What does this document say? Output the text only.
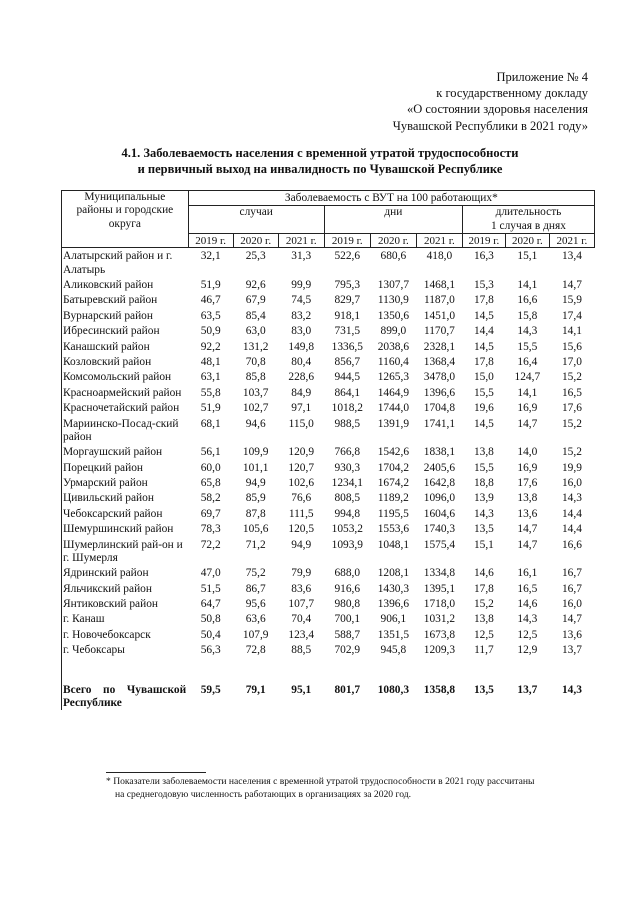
Приложение № 4
к государственному докладу
«О состоянии здоровья населения
Чувашской Республики в 2021 году»
4.1. Заболеваемость населения с временной утратой трудоспособности
и первичный выход на инвалидность по Чувашской Республике
Муниципальные
районы и городские
округа	Заболеваемость с ВУТ на 100 работающих*								
	случаи			дни			длительность
1 случая в днях		

	2019 г.	2020 г.	2021 г.	2019 г.	2020 г.	2021 г.	2019 г.	2020 г.	2021 г.
Алатырский район и г. Алатырь	32,1	25,3	31,3	522,6	680,6	418,0	16,3	15,1	13,4
Аликовский район	51,9	92,6	99,9	795,3	1307,7	1468,1	15,3	14,1	14,7
Батыревский район	46,7	67,9	74,5	829,7	1130,9	1187,0	17,8	16,6	15,9
Вурнарский район	63,5	85,4	83,2	918,1	1350,6	1451,0	14,5	15,8	17,4
Ибресинский район	50,9	63,0	83,0	731,5	899,0	1170,7	14,4	14,3	14,1
Канашский район	92,2	131,2	149,8	1336,5	2038,6	2328,1	14,5	15,5	15,6
Козловский район	48,1	70,8	80,4	856,7	1160,4	1368,4	17,8	16,4	17,0
Комсомольский район	63,1	85,8	228,6	944,5	1265,3	3478,0	15,0	124,7	15,2
Красноармейский район	55,8	103,7	84,9	864,1	1464,9	1396,6	15,5	14,1	16,5
Красночетайский район	51,9	102,7	97,1	1018,2	1744,0	1704,8	19,6	16,9	17,6
Мариинско-Посад-ский район	68,1	94,6	115,0	988,5	1391,9	1741,1	14,5	14,7	15,2
Моргаушский район	56,1	109,9	120,9	766,8	1542,6	1838,1	13,8	14,0	15,2
Порецкий район	60,0	101,1	120,7	930,3	1704,2	2405,6	15,5	16,9	19,9
Урмарский район	65,8	94,9	102,6	1234,1	1674,2	1642,8	18,8	17,6	16,0
Цивильский район	58,2	85,9	76,6	808,5	1189,2	1096,0	13,9	13,8	14,3
Чебоксарский район	69,7	87,8	111,5	994,8	1195,5	1604,6	14,3	13,6	14,4
Шемуршинский район	78,3	105,6	120,5	1053,2	1553,6	1740,3	13,5	14,7	14,4
Шумерлинский рай-он и г. Шумерля	72,2	71,2	94,9	1093,9	1048,1	1575,4	15,1	14,7	16,6
Ядринский район	47,0	75,2	79,9	688,0	1208,1	1334,8	14,6	16,1	16,7
Яльчикский район	51,5	86,7	83,6	916,6	1430,3	1395,1	17,8	16,5	16,7
Янтиковский район	64,7	95,6	107,7	980,8	1396,6	1718,0	15,2	14,6	16,0
г. Канаш	50,8	63,6	70,4	700,1	906,1	1031,2	13,8	14,3	14,7
г. Новочебоксарск	50,4	107,9	123,4	588,7	1351,5	1673,8	12,5	12,5	13,6
г. Чебоксары	56,3	72,8	88,5	702,9	945,8	1209,3	11,7	12,9	13,7
Всего по Чувашской Республике	59,5	79,1	95,1	801,7	1080,3	1358,8	13,5	13,7	14,3
* Показатели заболеваемости населения с временной утратой трудоспособности в 2021 году рассчитаны
на среднегодовую численность работающих в организациях за 2020 год.
